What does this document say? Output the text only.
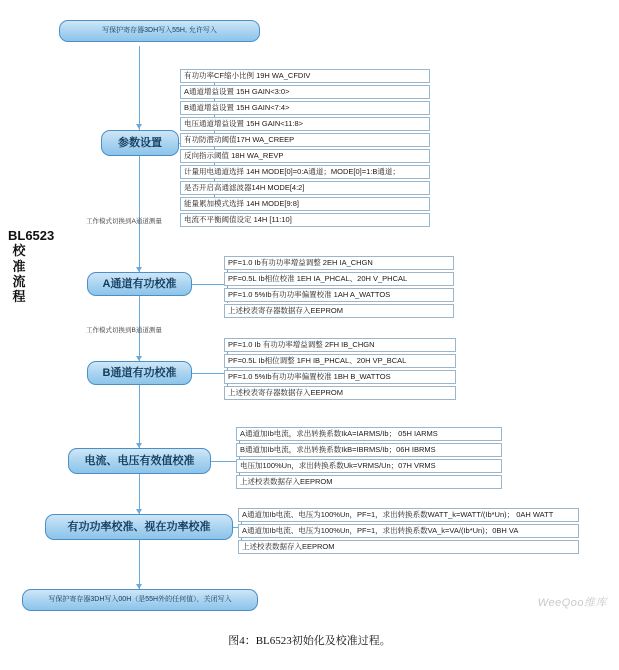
BL6523校准流程
写保护寄存器3DH写入55H, 允许写入
参数设置
有功功率CF缩小比例 19H WA_CFDIV
A通道增益设置 15H GAIN<3:0>
B通道增益设置 15H GAIN<7:4>
电压通道增益设置 15H GAIN<11:8>
有功防潜动阈值17H WA_CREEP
反向指示阈值 18H WA_REVP
计量用电通道选择 14H MODE[0]=0:A通道；MODE[0]=1:B通道；
是否开启高通滤波器14H MODE[4:2]
能量累加模式选择 14H MODE[9:8]
电流不平衡阈值设定 14H [11:10]
工作模式切换到A通道测量
A通道有功校准
PF=1.0 Ib有功功率增益调整 2EH IA_CHGN
PF=0.5L Ib相位校准 1EH IA_PHCAL、20H V_PHCAL
PF=1.0 5%Ib有功功率偏置校准 1AH A_WATTOS
上述校表寄存器数据存入EEPROM
工作模式切换到B通道测量
B通道有功校准
PF=1.0 Ib 有功功率增益调整 2FH IB_CHGN
PF=0.5L Ib相位调整 1FH IB_PHCAL、20H VP_BCAL
PF=1.0 5%Ib有功功率偏置校准 1BH B_WATTOS
上述校表寄存器数据存入EEPROM
电流、电压有效值校准
A通道加Ib电流，求出转换系数IkA=IARMS/Ib； 05H IARMS
B通道加Ib电流，求出转换系数IkB=IBRMS/Ib；06H IBRMS
电压加100%Un，求出转换系数Uk=VRMS/Un；07H VRMS
上述校表数据存入EEPROM
有功功率校准、视在功率校准
A通道加Ib电流、电压为100%Un，PF=1，求出转换系数WATT_k=WATT/(Ib*Un)； 0AH WATT
A通道加Ib电流、电压为100%Un，PF=1，求出转换系数VA_k=VA/(Ib*Un)；0BH VA
上述校表数据存入EEPROM
写保护寄存器3DH写入00H（是55H外的任何值），关闭写入	WeeQoo维库
图4：BL6523初始化及校准过程。
